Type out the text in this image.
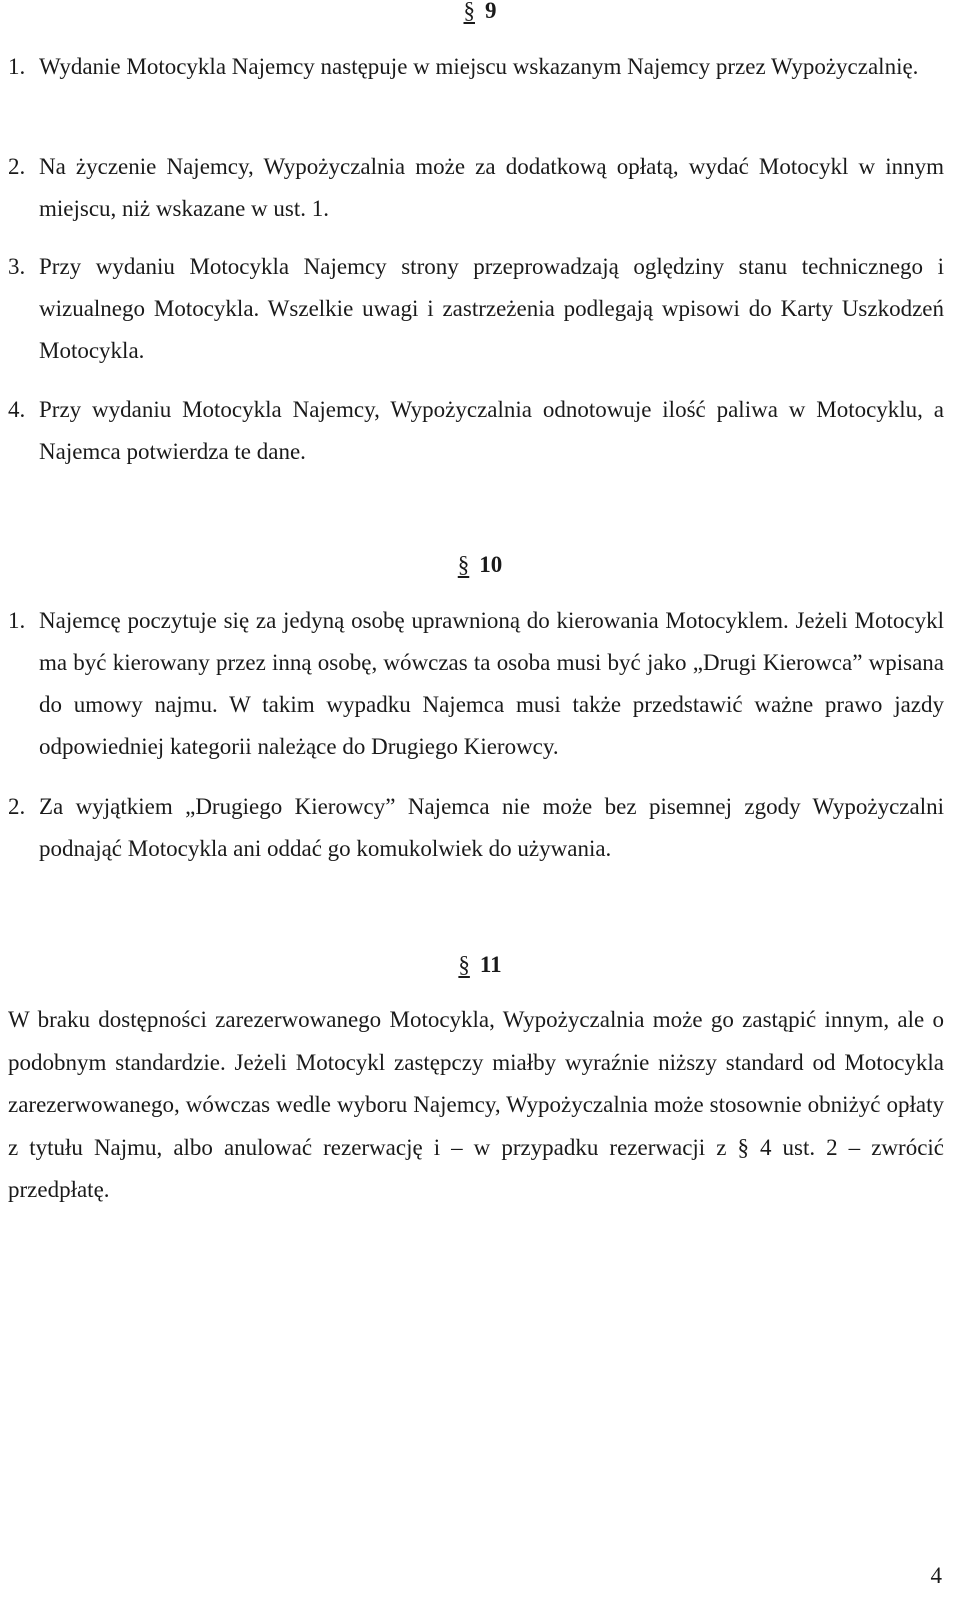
§ 9

1. Wydanie Motocykla Najemcy następuje w miejscu wskazanym Najemcy przez Wypożyczalnię.

2. Na życzenie Najemcy, Wypożyczalnia może za dodatkową opłatą, wydać Motocykl w innym miejscu, niż wskazane w ust. 1.

3. Przy wydaniu Motocykla Najemcy strony przeprowadzają oględziny stanu technicznego i wizualnego Motocykla. Wszelkie uwagi i zastrzeżenia podlegają wpisowi do Karty Uszkodzeń Motocykla.

4. Przy wydaniu Motocykla Najemcy, Wypożyczalnia odnotowuje ilość paliwa w Motocyklu, a Najemca potwierdza te dane.

§ 10

1. Najemcę poczytuje się za jedyną osobę uprawnioną do kierowania Motocyklem. Jeżeli Motocykl ma być kierowany przez inną osobę, wówczas ta osoba musi być jako „Drugi Kierowca” wpisana do umowy najmu. W takim wypadku Najemca musi także przedstawić ważne prawo jazdy odpowiedniej kategorii należące do Drugiego Kierowcy.

2. Za wyjątkiem „Drugiego Kierowcy” Najemca nie może bez pisemnej zgody Wypożyczalni podnająć Motocykla ani oddać go komukolwiek do używania.

§ 11

W braku dostępności zarezerwowanego Motocykla, Wypożyczalnia może go zastąpić innym, ale o podobnym standardzie. Jeżeli Motocykl zastępczy miałby wyraźnie niższy standard od Motocykla zarezerwowanego, wówczas wedle wyboru Najemcy, Wypożyczalnia może stosownie obniżyć opłaty z tytułu Najmu, albo anulować rezerwację i – w przypadku rezerwacji z § 4 ust. 2 – zwrócić przedpłatę.

4
